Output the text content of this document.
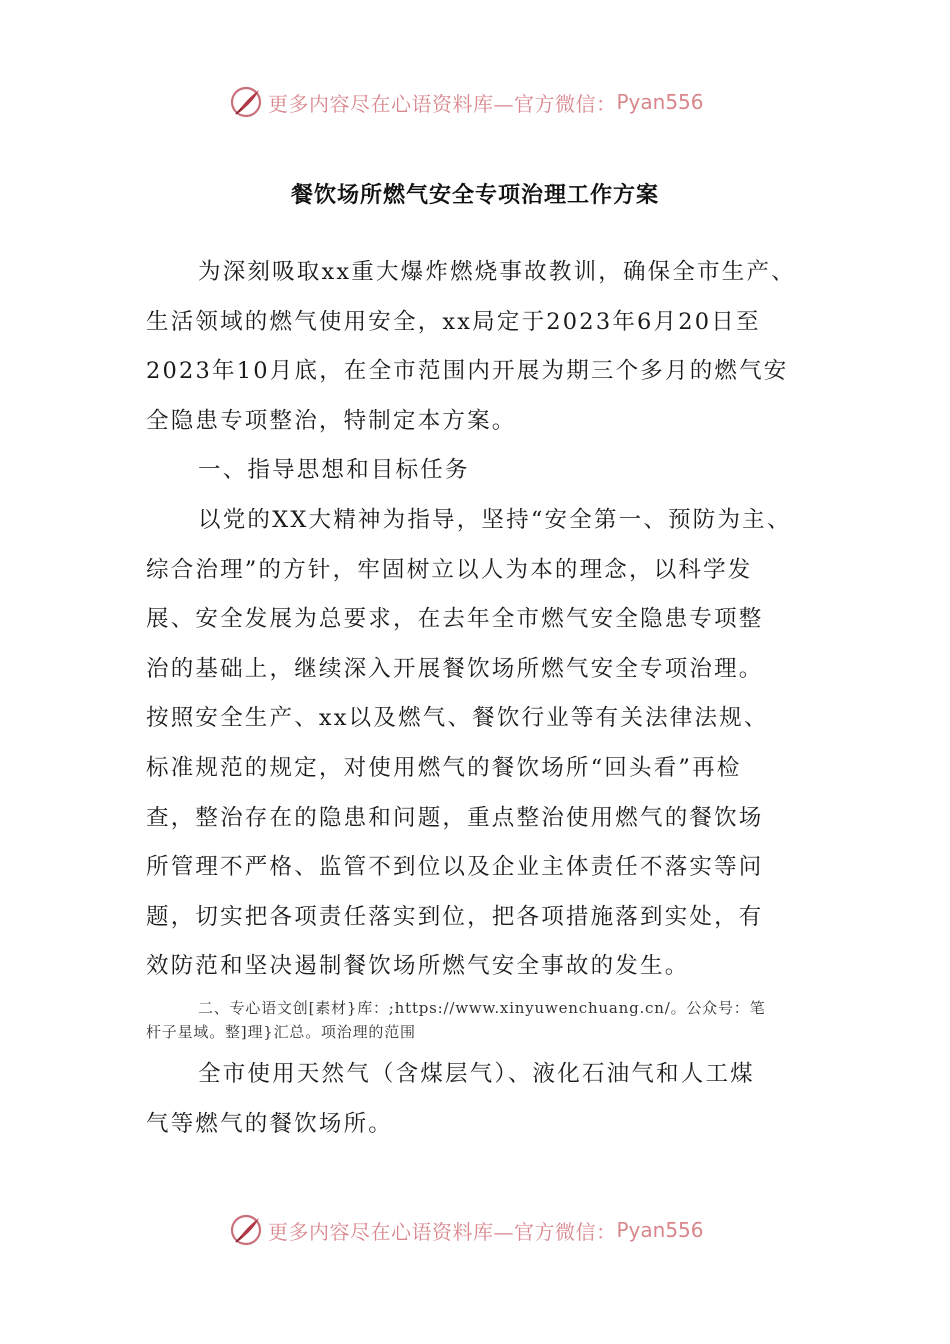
更多内容尽在心语资料库—官方微信： Pyan556
餐饮场所燃气安全专项治理工作方案
为深刻吸取xx重大爆炸燃烧事故教训，确保全市生产、
生活领域的燃气使用安全，xx局定于2023年6月20日至
2023年10月底，在全市范围内开展为期三个多月的燃气安
全隐患专项整治，特制定本方案。
一、指导思想和目标任务
以党的XX大精神为指导，坚持“安全第一、预防为主、
综合治理”的方针，牢固树立以人为本的理念，以科学发
展、安全发展为总要求，在去年全市燃气安全隐患专项整
治的基础上，继续深入开展餐饮场所燃气安全专项治理。
按照安全生产、xx以及燃气、餐饮行业等有关法律法规、
标准规范的规定，对使用燃气的餐饮场所“回头看”再检
查，整治存在的隐患和问题，重点整治使用燃气的餐饮场
所管理不严格、监管不到位以及企业主体责任不落实等问
题，切实把各项责任落实到位，把各项措施落到实处，有
效防范和坚决遏制餐饮场所燃气安全事故的发生。
二、专心语文创[素材}库：;https://www.xinyuwenchuang.cn/。公众号：笔
杆子星域。整]理}汇总。项治理的范围
全市使用天然气（含煤层气）、液化石油气和人工煤
气等燃气的餐饮场所。
更多内容尽在心语资料库—官方微信： Pyan556
